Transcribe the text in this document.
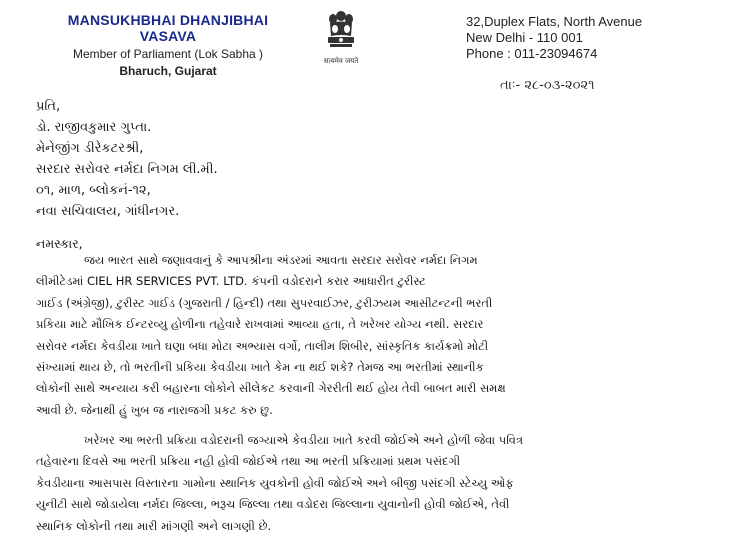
MANSUKHBHAI DHANJIBHAI VASAVA
Member of Parliament (Lok Sabha )
Bharuch, Gujarat
सत्यमेव जयते
32,Duplex Flats, North Avenue
New Delhi - 110 001
Phone : 011-23094674
તાઃ- ૨૮-૦૩-૨૦૨૧
પ્રતિ,
ડો. રાજીવકુમાર ગુપ્તા.
મેનેજીંગ ડીરેકટરશ્રી,
સરદાર સરોવર નર્મદા નિગમ લી.મી.
૦૧, માળ, બ્લોકનં-૧૨,
નવા સચિવાલય, ગાંધીનગર.
નમસ્કાર,
જય ભારત સાથે જણાવવાનું કે આપશ્રીના અંડરમાં આવતા સરદાર સરોવર નર્મદા નિગમ
લીમીટેડમાં CIEL HR SERVICES PVT. LTD. કંપની વડોદરાને કરાર આધારીત ટુરીસ્ટ
ગાઈડ (અંગ્રેજી), ટુરીસ્ટ ગાઈડ (ગુજરાતી / હિન્દી) તથા સુપરવાઈઝર, ટુરીઝયમ આસીટન્ટની ભરતી
પ્રકિયા માટે મૌખિક ઈન્ટરવ્યુ હોળીના તહેવારે રાખવામાં આવ્યા હતા, તે ખરેખર યોગ્ય નથી. સરદાર
સરોવર નર્મદા કેવડીયા ખાતે ઘણા બધા મોટા અભ્યાસ વર્ગો, તાલીમ શિબીર, સાંસ્કૃતિક કાર્યક્રમો મોટી
સંખ્યામાં થાય છે, તો ભરતીની પ્રકિયા કેવડીયા ખાતે કેમ ના થઈ શકે? તેમજ આ ભરતીમાં સ્થાનીક
લોકોની સાથે અન્યાય કરી બહારના લોકોને સીલેકટ કરવાની ગેરરીતી થઈ હોય તેવી બાબત મારી સમક્ષ
આવી છે. જેનાથી હું ખુબ જ નારાજગી પ્રકટ કરુ છુ.
ખરેખર આ ભરતી પ્રક્રિયા વડોદરાની જગ્યાએ કેવડીયા ખાતે કરવી જોઈએ અને હોળી જેવા પવિત્ર
તહેવારના દિવસે આ ભરતી પ્રક્રિયા નહી હોવી જોઈએ તથા આ ભરતી પ્રક્રિયામાં પ્રથમ પસંદગી
કેવડીયાના આસપાસ વિસ્તારના ગામોના સ્થાનિક યુવકોની હોવી જોઈએ અને બીજી પસંદગી સ્ટેચ્યુ ઓફ
યુનીટી સાથે જોડાયેલા નર્મદા જિલ્લા, ભરૂચ જિલ્લા તથા વડોદરા જિલ્લાના યુવાનોની હોવી જોઈએ, તેવી
સ્થાનિક લોકોની તથા મારી માંગણી અને લાગણી છે.
